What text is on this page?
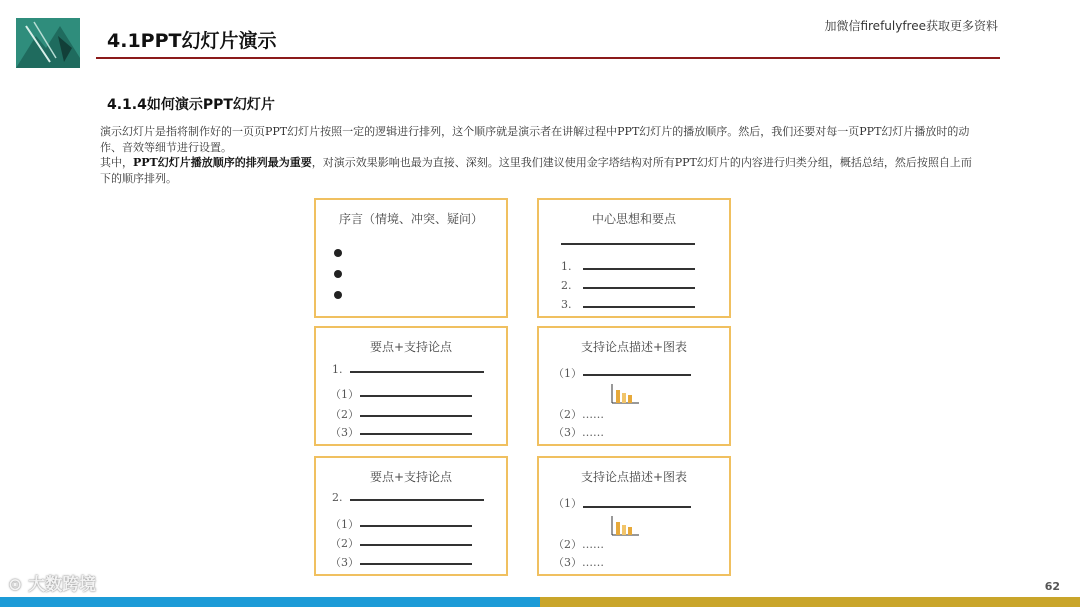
4.1PPT幻灯片演示
加微信fireful​yfree获取更多资料
4.1.4如何演示PPT幻灯片

演示幻灯片是指将制作好的一页页PPT幻灯片按照一定的逻辑进行排列，这个顺序就是演示者在讲解过程中PPT幻灯片的播放顺序。然后，我们还要对每一页PPT幻灯片播放时的动作、音效等细节进行设置。

其中，PPT幻灯片播放顺序的排列最为重要，对演示效果影响也最为直接、深刻。这里我们建议使用金字塔结构对所有PPT幻灯片的内容进行归类分组，概括总结，然后按照自上而下的顺序排列。

序言（情境、冲突、疑问）	中心思想和要点
1.
2.
3.
要点+支持论点
1.
（1）
（2）
（3）
支持论点描述+图表
（1）
（2）……
（3）……
要点+支持论点
2.
（1）
（2）
（3）
支持论点描述+图表
（1）
（2）……
（3）……
⊙ 大数跨境	62
